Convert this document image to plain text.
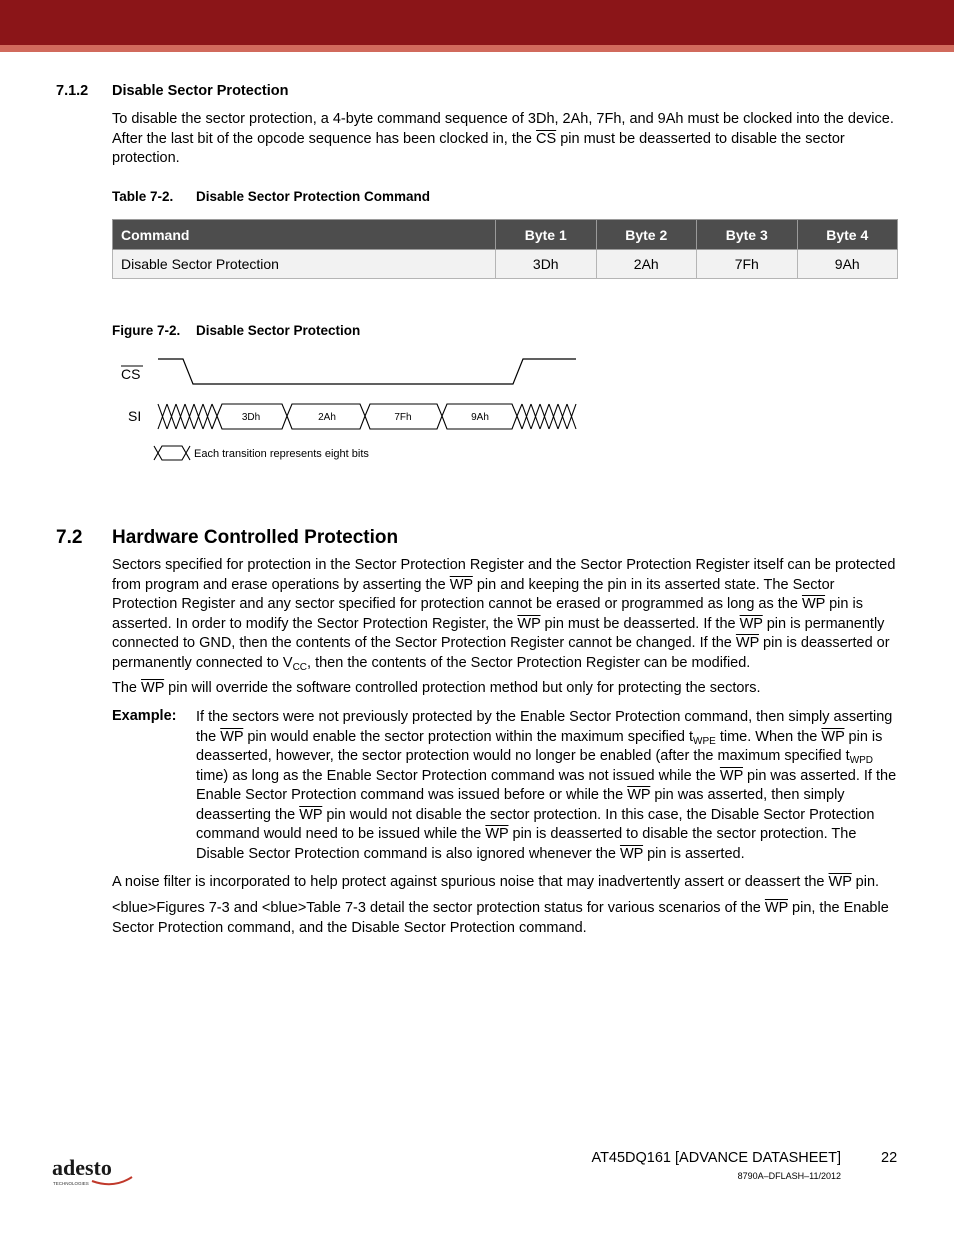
7.1.2 Disable Sector Protection
To disable the sector protection, a 4-byte command sequence of 3Dh, 2Ah, 7Fh, and 9Ah must be clocked into the device. After the last bit of the opcode sequence has been clocked in, the $\overline{CS}$ pin must be deasserted to disable the sector protection.
Table 7-2. Disable Sector Protection Command
Command	Byte 1	Byte 2	Byte 3	Byte 4
Disable Sector Protection	3Dh	2Ah	7Fh	9Ah
Figure 7-2. Disable Sector Protection
CS
SI	3Dh	2Ah	7Fh	9Ah
Each transition represents eight bits
7.2 Hardware Controlled Protection
Sectors specified for protection in the Sector Protection Register and the Sector Protection Register itself can be protected from program and erase operations by asserting the $\overline{WP}$ pin and keeping the pin in its asserted state. The Sector Protection Register and any sector specified for protection cannot be erased or programmed as long as the $\overline{WP}$ pin is asserted. In order to modify the Sector Protection Register, the $\overline{WP}$ pin must be deasserted. If the $\overline{WP}$ pin is permanently connected to GND, then the contents of the Sector Protection Register cannot be changed. If the $\overline{WP}$ pin is deasserted or permanently connected to $V_{CC}$, then the contents of the Sector Protection Register can be modified.
The $\overline{WP}$ pin will override the software controlled protection method but only for protecting the sectors.
Example: If the sectors were not previously protected by the Enable Sector Protection command, then simply asserting the $\overline{WP}$ pin would enable the sector protection within the maximum specified $t_{WPE}$ time. When the $\overline{WP}$ pin is deasserted, however, the sector protection would no longer be enabled (after the maximum specified $t_{WPD}$ time) as long as the Enable Sector Protection command was not issued while the $\overline{WP}$ pin was asserted. If the Enable Sector Protection command was issued before or while the $\overline{WP}$ pin was asserted, then simply deasserting the $\overline{WP}$ pin would not disable the sector protection. In this case, the Disable Sector Protection command would need to be issued while the $\overline{WP}$ pin is deasserted to disable the sector protection. The Disable Sector Protection command is also ignored whenever the $\overline{WP}$ pin is asserted.
A noise filter is incorporated to help protect against spurious noise that may inadvertently assert or deassert the $\overline{WP}$ pin.
<blue>Figures 7-3 and <blue>Table 7-3 detail the sector protection status for various scenarios of the $\overline{WP}$ pin, the Enable Sector Protection command, and the Disable Sector Protection command.
adesto
TECHNOLOGIES
AT45DQ161 [ADVANCE DATASHEET]	22
8790A–DFLASH–11/2012
